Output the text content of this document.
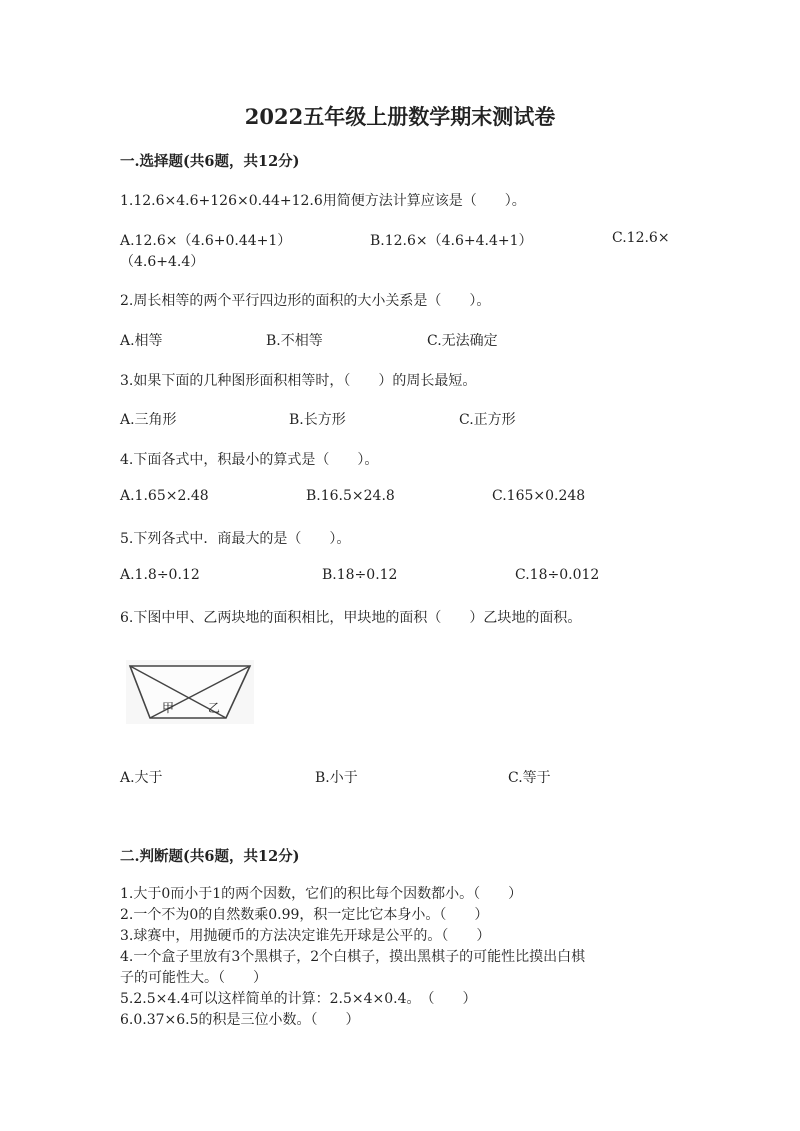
2022五年级上册数学期末测试卷
一.选择题(共6题，共12分)
1.12.6×4.6+126×0.44+12.6用简便方法计算应该是（　　）。
A.12.6×（4.6+0.44+1）	B.12.6×（4.6+4.4+1）	C.12.6×
（4.6+4.4）
2.周长相等的两个平行四边形的面积的大小关系是（　　）。
A.相等	B.不相等	C.无法确定
3.如果下面的几种图形面积相等时，（　　）的周长最短。
A.三角形	B.长方形	C.正方形
4.下面各式中，积最小的算式是（　　）。
A.1.65×2.48	B.16.5×24.8	C.165×0.248
5.下列各式中．商最大的是（　　）。
A.1.8÷0.12	B.18÷0.12	C.18÷0.012
6.下图中甲、乙两块地的面积相比，甲块地的面积（　　）乙块地的面积。
甲	乙
A.大于	B.小于	C.等于
二.判断题(共6题，共12分)
1.大于0而小于1的两个因数，它们的积比每个因数都小。（　　）
2.一个不为0的自然数乘0.99，积一定比它本身小。（　　）
3.球赛中，用抛硬币的方法决定谁先开球是公平的。（　　）
4.一个盒子里放有3个黑棋子，2个白棋子，摸出黑棋子的可能性比摸出白棋
子的可能性大。（　　）
5.2.5×4.4可以这样简单的计算：2.5×4×0.4。　（　　）
6.0.37×6.5的积是三位小数。（　　）
